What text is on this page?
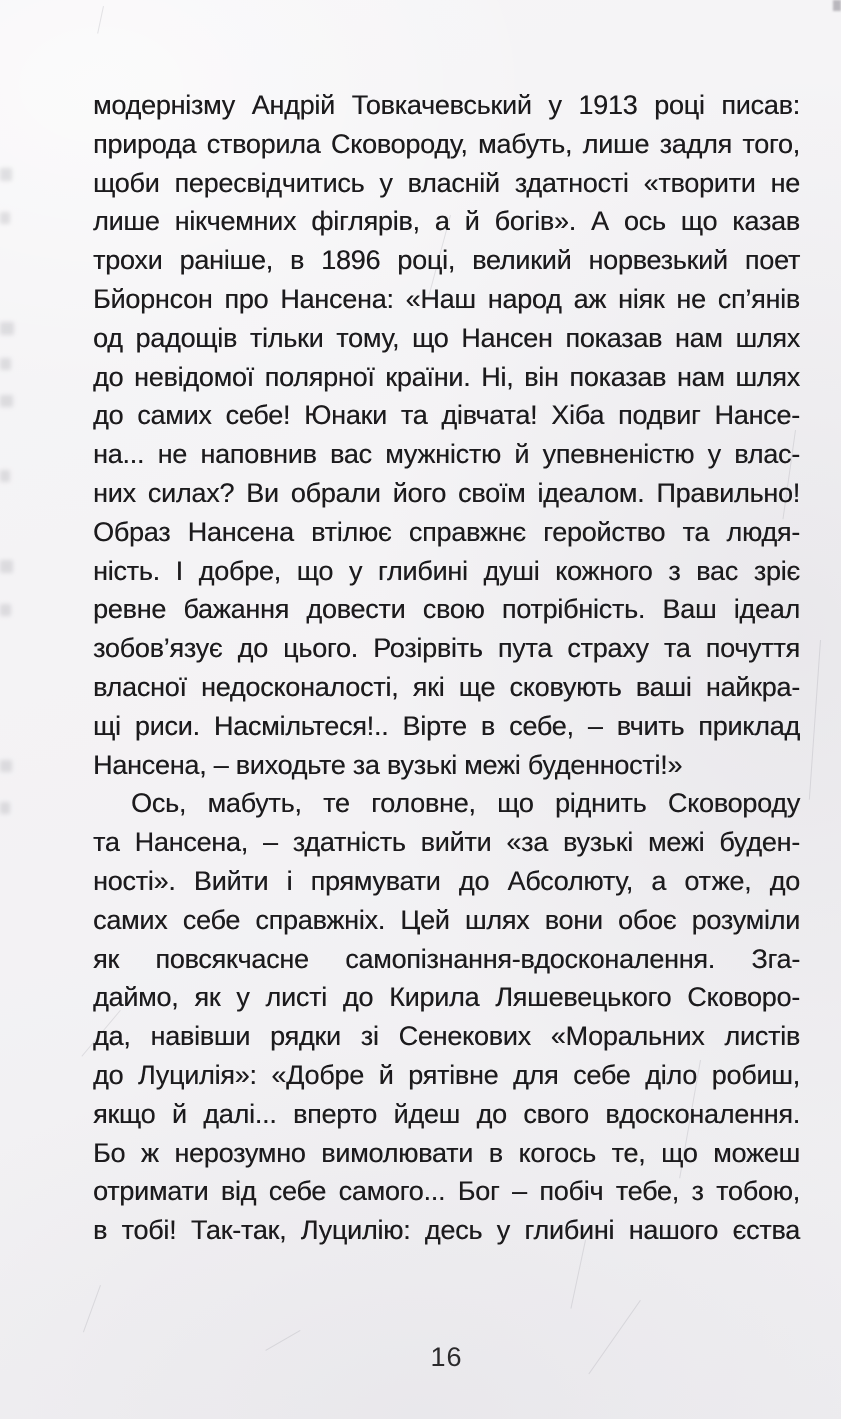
модернізму Андрій Товкачевський у 1913 році писав:
природа створила Сковороду, мабуть, лише задля того,
щоби пересвідчитись у власній здатності «творити не
лише нікчемних фіглярів, а й богів». А ось що казав
трохи раніше, в 1896 році, великий норвезький поет
Бйорнсон про Нансена: «Наш народ аж ніяк не сп’янів
од радощів тільки тому, що Нансен показав нам шлях
до невідомої полярної країни. Ні, він показав нам шлях
до самих себе! Юнаки та дівчата! Хіба подвиг Нансе-
на... не наповнив вас мужністю й упевненістю у влас-
них силах? Ви обрали його своїм ідеалом. Правильно!
Образ Нансена втілює справжнє геройство та людя-
ність. І добре, що у глибині душі кожного з вас зріє
ревне бажання довести свою потрібність. Ваш ідеал
зобов’язує до цього. Розірвіть пута страху та почуття
власної недосконалості, які ще сковують ваші найкра-
щі риси. Насмільтеся!.. Вірте в себе, – вчить приклад
Нансена, – виходьте за вузькі межі буденності!»
Ось, мабуть, те головне, що ріднить Сковороду
та Нансена, – здатність вийти «за вузькі межі буден-
ності». Вийти і прямувати до Абсолюту, а отже, до
самих себе справжніх. Цей шлях вони обоє розуміли
як повсякчасне самопізнання-вдосконалення. Зга-
даймо, як у листі до Кирила Ляшевецького Сковоро-
да, навівши рядки зі Сенекових «Моральних листів
до Луцилія»: «Добре й рятівне для себе діло робиш,
якщо й далі... вперто йдеш до свого вдосконалення.
Бо ж нерозумно вимолювати в когось те, що можеш
отримати від себе самого... Бог – побіч тебе, з тобою,
в тобі! Так-так, Луцилію: десь у глибині нашого єства
16
